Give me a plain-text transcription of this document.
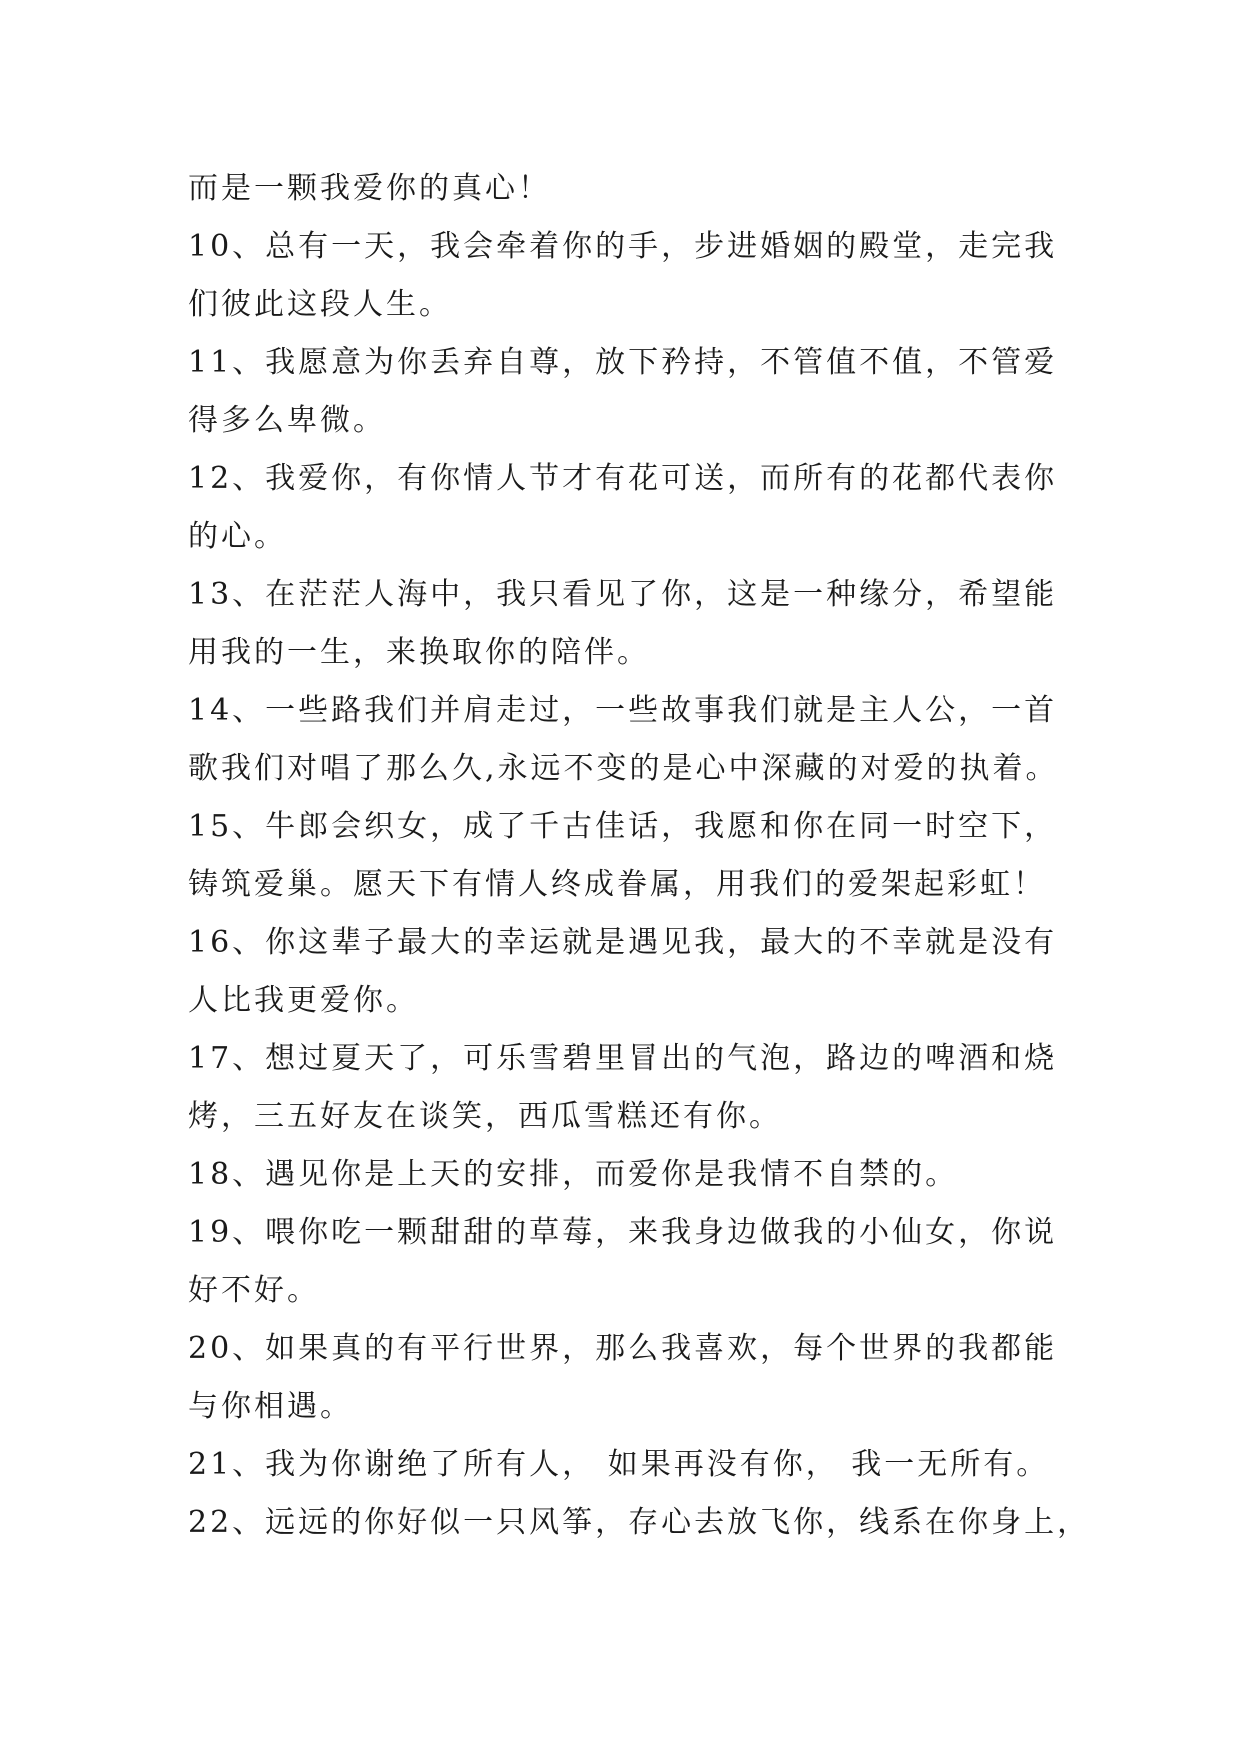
而是一颗我爱你的真心！
10、总有一天，我会牵着你的手，步进婚姻的殿堂，走完我
们彼此这段人生。
11、我愿意为你丢弃自尊，放下矜持，不管值不值，不管爱
得多么卑微。
12、我爱你，有你情人节才有花可送，而所有的花都代表你
的心。
13、在茫茫人海中，我只看见了你，这是一种缘分，希望能
用我的一生，来换取你的陪伴。
14、一些路我们并肩走过，一些故事我们就是主人公，一首
歌我们对唱了那么久,永远不变的是心中深藏的对爱的执着。
15、牛郎会织女，成了千古佳话，我愿和你在同一时空下，
铸筑爱巢。愿天下有情人终成眷属，用我们的爱架起彩虹！
16、你这辈子最大的幸运就是遇见我，最大的不幸就是没有
人比我更爱你。
17、想过夏天了，可乐雪碧里冒出的气泡，路边的啤酒和烧
烤，三五好友在谈笑，西瓜雪糕还有你。
18、遇见你是上天的安排，而爱你是我情不自禁的。
19、喂你吃一颗甜甜的草莓，来我身边做我的小仙女，你说
好不好。
20、如果真的有平行世界，那么我喜欢，每个世界的我都能
与你相遇。
21、我为你谢绝了所有人， 如果再没有你， 我一无所有。
22、远远的你好似一只风筝，存心去放飞你，线系在你身上，
